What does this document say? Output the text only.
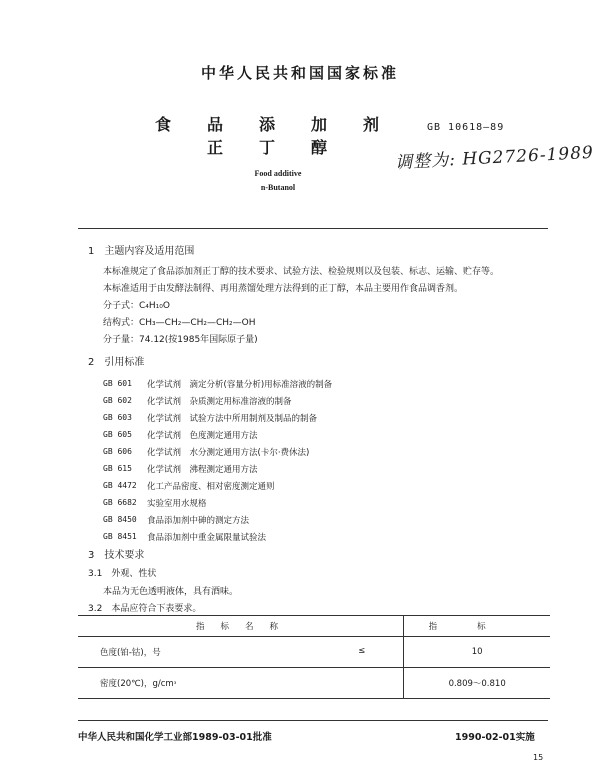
中华人民共和国国家标准
食品添加剂
正丁醇
GB 10618—89
调整为: HG2726-1989
Food additive
n-Butanol
1　主题内容及适用范围
本标准规定了食品添加剂正丁醇的技术要求、试验方法、检验规则以及包装、标志、运输、贮存等。
本标准适用于由发酵法制得、再用蒸馏处理方法得到的正丁醇，本品主要用作食品调香剂。
分子式：C₄H₁₀O
结构式：CH₃—CH₂—CH₂—CH₂—OH
分子量：74.12(按1985年国际原子量)
2　引用标准
GB 601 化学试剂　滴定分析(容量分析)用标准溶液的制备
GB 602 化学试剂　杂质测定用标准溶液的制备
GB 603 化学试剂　试验方法中所用制剂及制品的制备
GB 605 化学试剂　色度测定通用方法
GB 606 化学试剂　水分测定通用方法(卡尔·费休法)
GB 615 化学试剂　沸程测定通用方法
GB 4472 化工产品密度、相对密度测定通则
GB 6682 实验室用水规格
GB 8450 食品添加剂中砷的测定方法
GB 8451 食品添加剂中重金属限量试验法
3　技术要求
3.1　外观、性状
本品为无色透明液体，具有酒味。
3.2　本品应符合下表要求。
指标名称	指标

色度(铂-钴)，号 ≤	10

密度(20℃)，g/cm³	0.809～0.810
中华人民共和国化学工业部1989-03-01批准	1990-02-01实施
15
